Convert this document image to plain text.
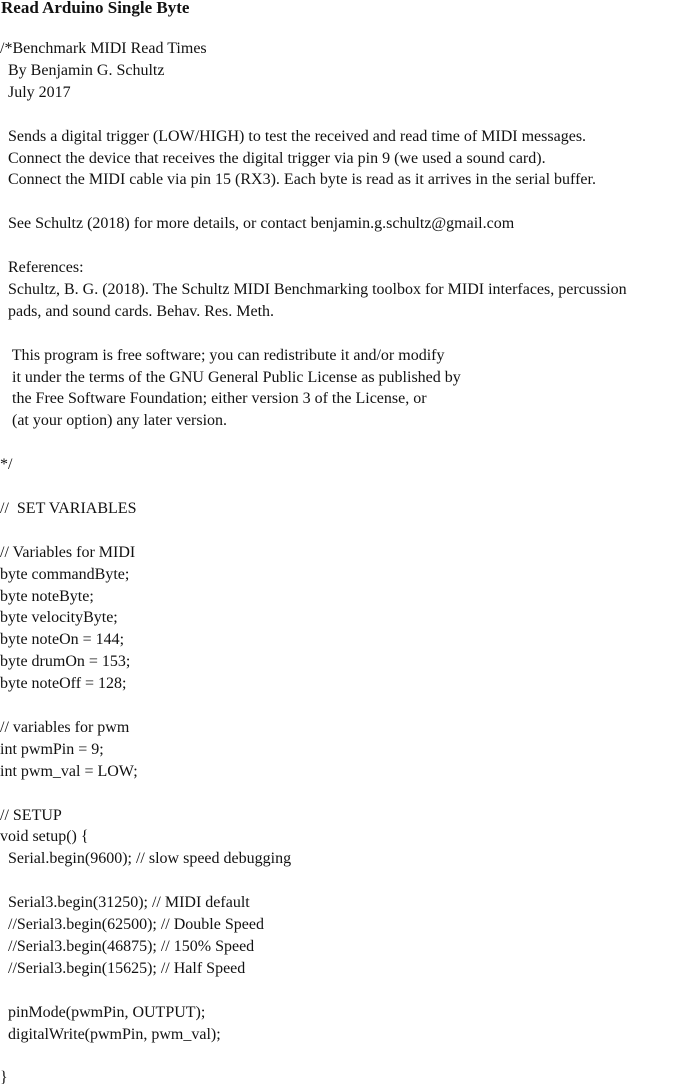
Read Arduino Single Byte
/*Benchmark MIDI Read Times
By Benjamin G. Schultz
July 2017
Sends a digital trigger (LOW/HIGH) to test the received and read time of MIDI messages.
Connect the device that receives the digital trigger via pin 9 (we used a sound card).
Connect the MIDI cable via pin 15 (RX3). Each byte is read as it arrives in the serial buffer.
See Schultz (2018) for more details, or contact benjamin.g.schultz@gmail.com
References:
Schultz, B. G. (2018). The Schultz MIDI Benchmarking toolbox for MIDI interfaces, percussion
pads, and sound cards. Behav. Res. Meth.
This program is free software; you can redistribute it and/or modify
it under the terms of the GNU General Public License as published by
the Free Software Foundation; either version 3 of the License, or
(at your option) any later version.
*/
//  SET VARIABLES
// Variables for MIDI
byte commandByte;
byte noteByte;
byte velocityByte;
byte noteOn = 144;
byte drumOn = 153;
byte noteOff = 128;
// variables for pwm
int pwmPin = 9;
int pwm_val = LOW;
// SETUP
void setup() {
Serial.begin(9600); // slow speed debugging
Serial3.begin(31250); // MIDI default
//Serial3.begin(62500); // Double Speed
//Serial3.begin(46875); // 150% Speed
//Serial3.begin(15625); // Half Speed
pinMode(pwmPin, OUTPUT);
digitalWrite(pwmPin, pwm_val);
}
